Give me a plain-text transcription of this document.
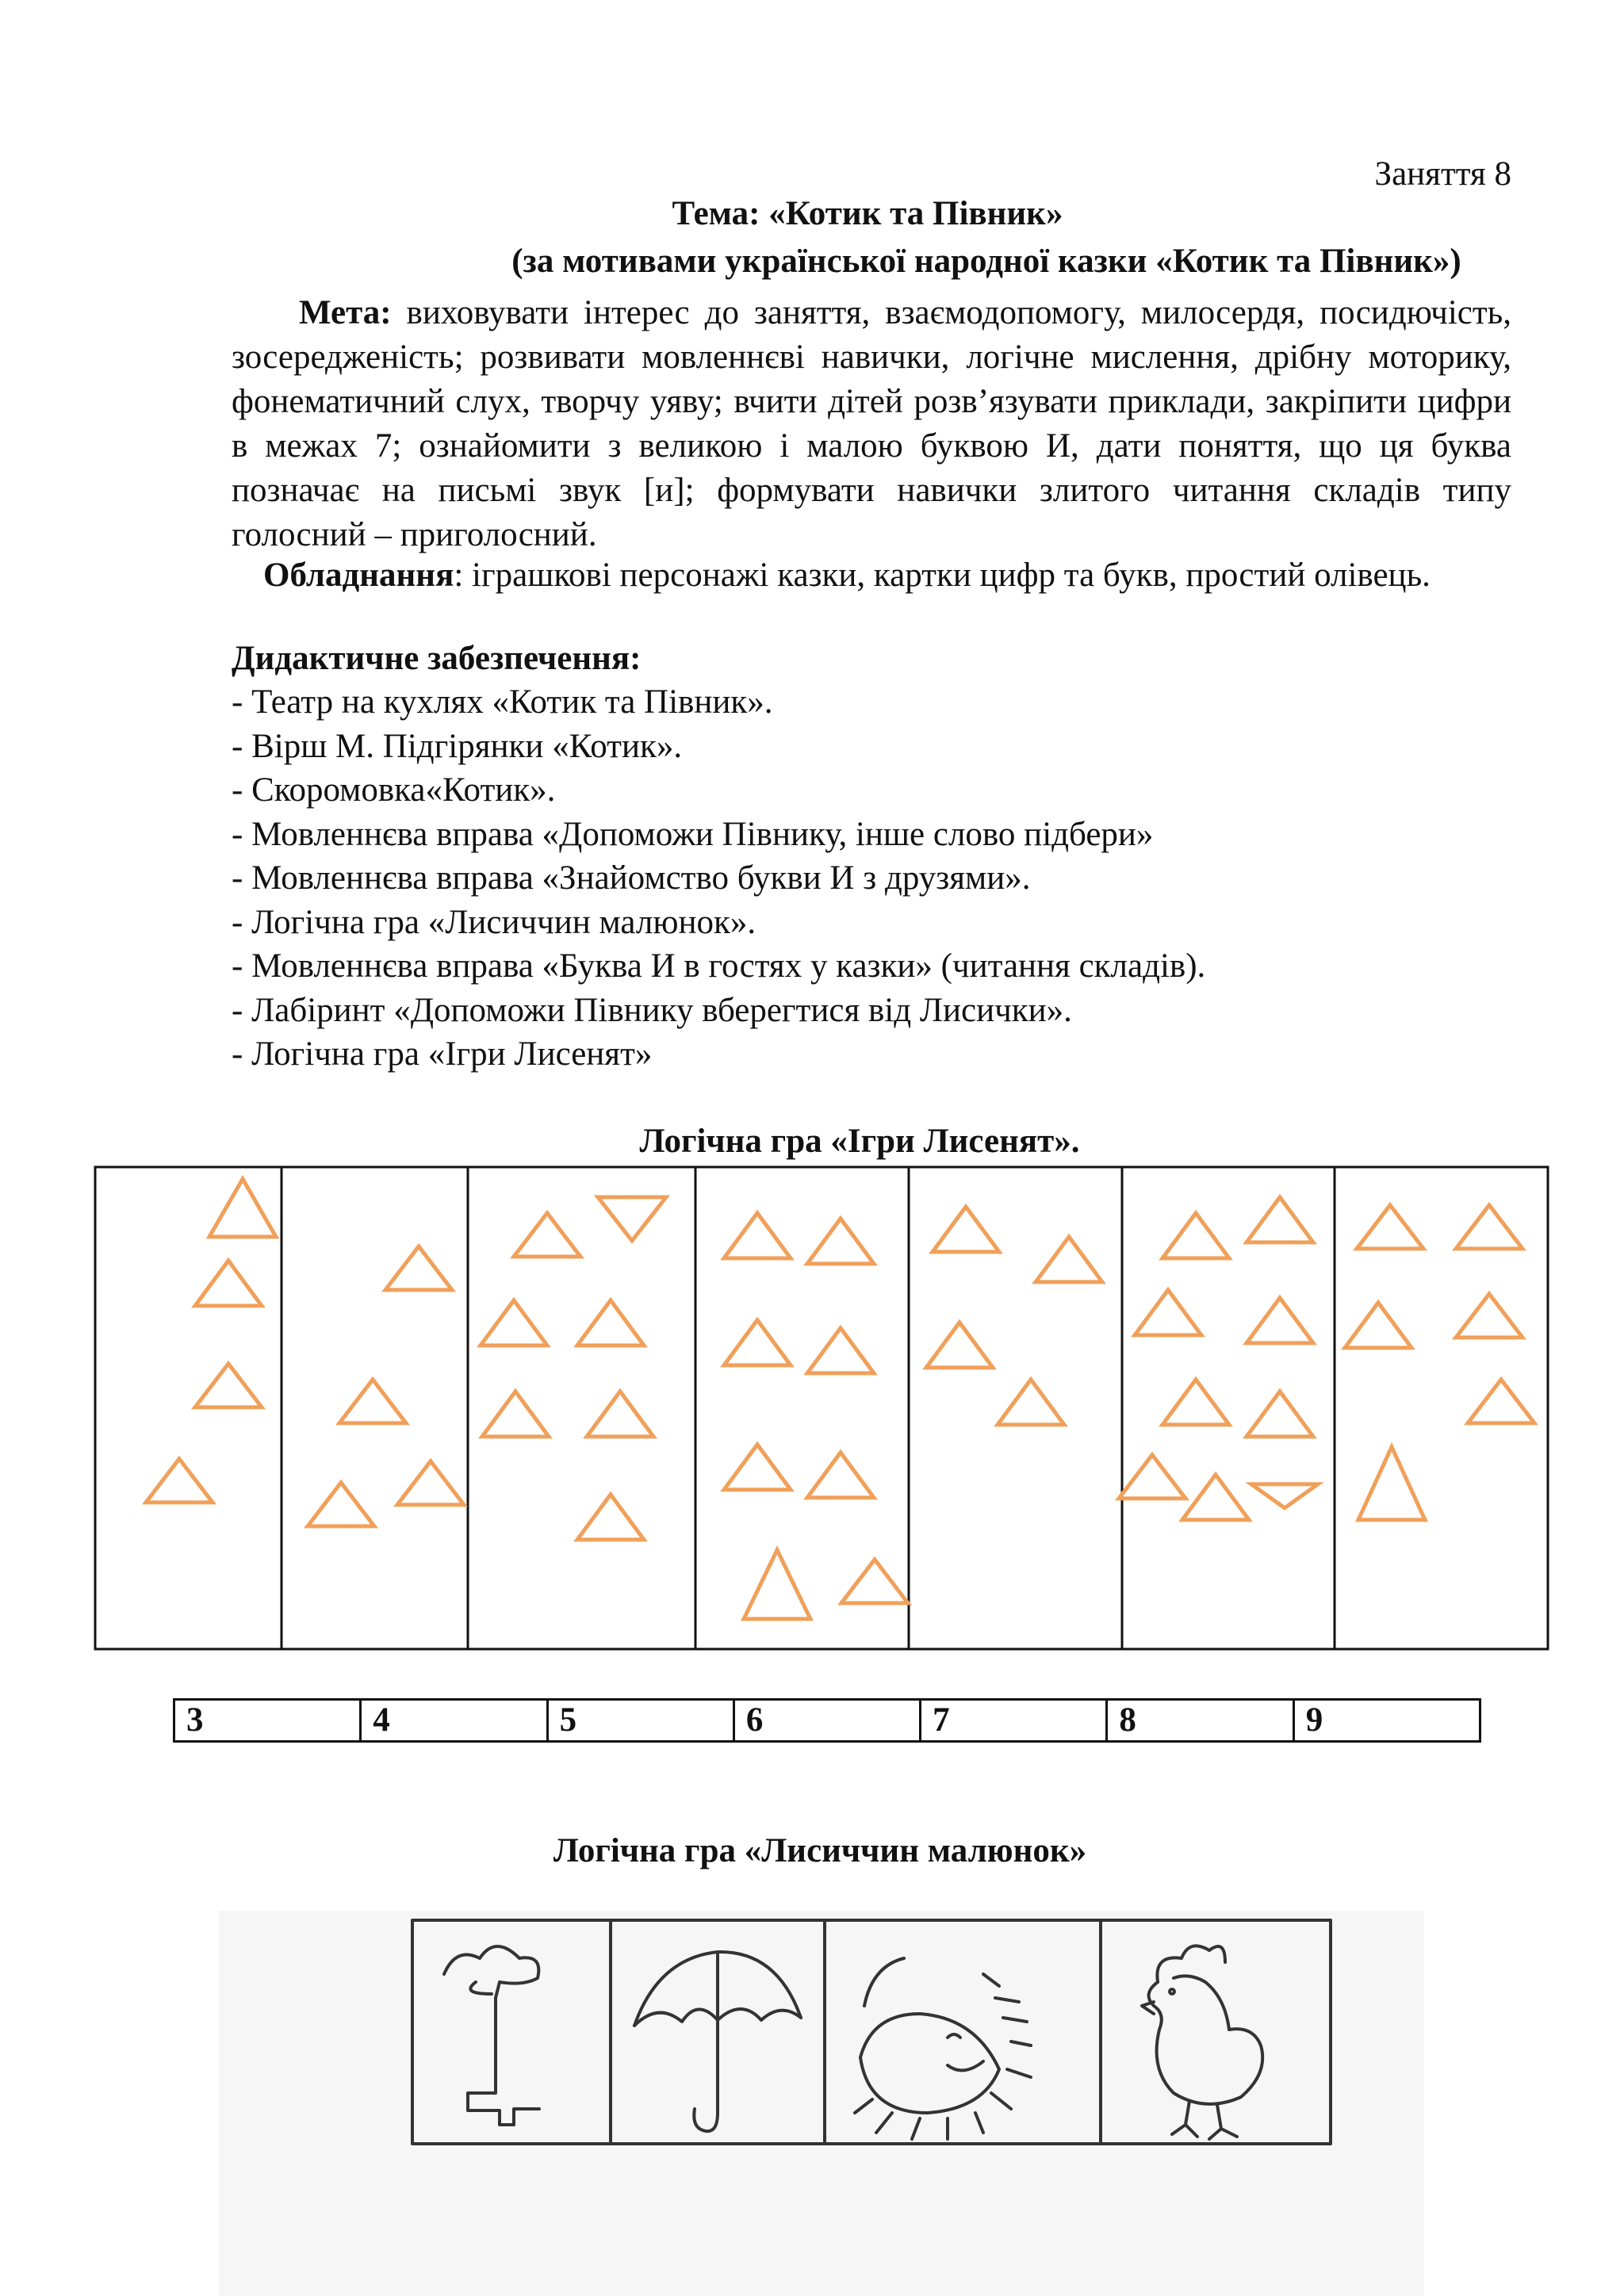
Заняття 8
Тема: «Котик та Півник»
(за мотивами української народної казки «Котик та Півник»)
Мета: виховувати інтерес до заняття, взаємодопомогу, милосердя, посидючість, зосередженість; розвивати мовленнєві навички, логічне мислення, дрібну моторику, фонематичний слух, творчу уяву; вчити дітей розв’язувати приклади, закріпити цифри в межах 7; ознайомити з великою і малою буквою И, дати поняття, що ця буква позначає на письмі звук [и]; формувати навички злитого читання складів типу голосний – приголосний.
Обладнання: іграшкові персонажі казки, картки цифр та букв, простий олівець.
Дидактичне забезпечення:
- Театр на кухлях «Котик та Півник».
- Вірш М. Підгірянки «Котик».
- Скоромовка«Котик».
- Мовленнєва вправа «Допоможи Півнику, інше слово підбери»
- Мовленнєва вправа «Знайомство букви И з друзями».
- Логічна гра «Лисиччин малюнок».
- Мовленнєва вправа «Буква И в гостях у казки» (читання складів).
- Лабіринт «Допоможи Півнику вберегтися від Лисички».
- Логічна гра «Ігри Лисенят»
Логічна гра «Ігри Лисенят».
3	4	5	6	7	8	9
Логічна гра «Лисиччин малюнок»
